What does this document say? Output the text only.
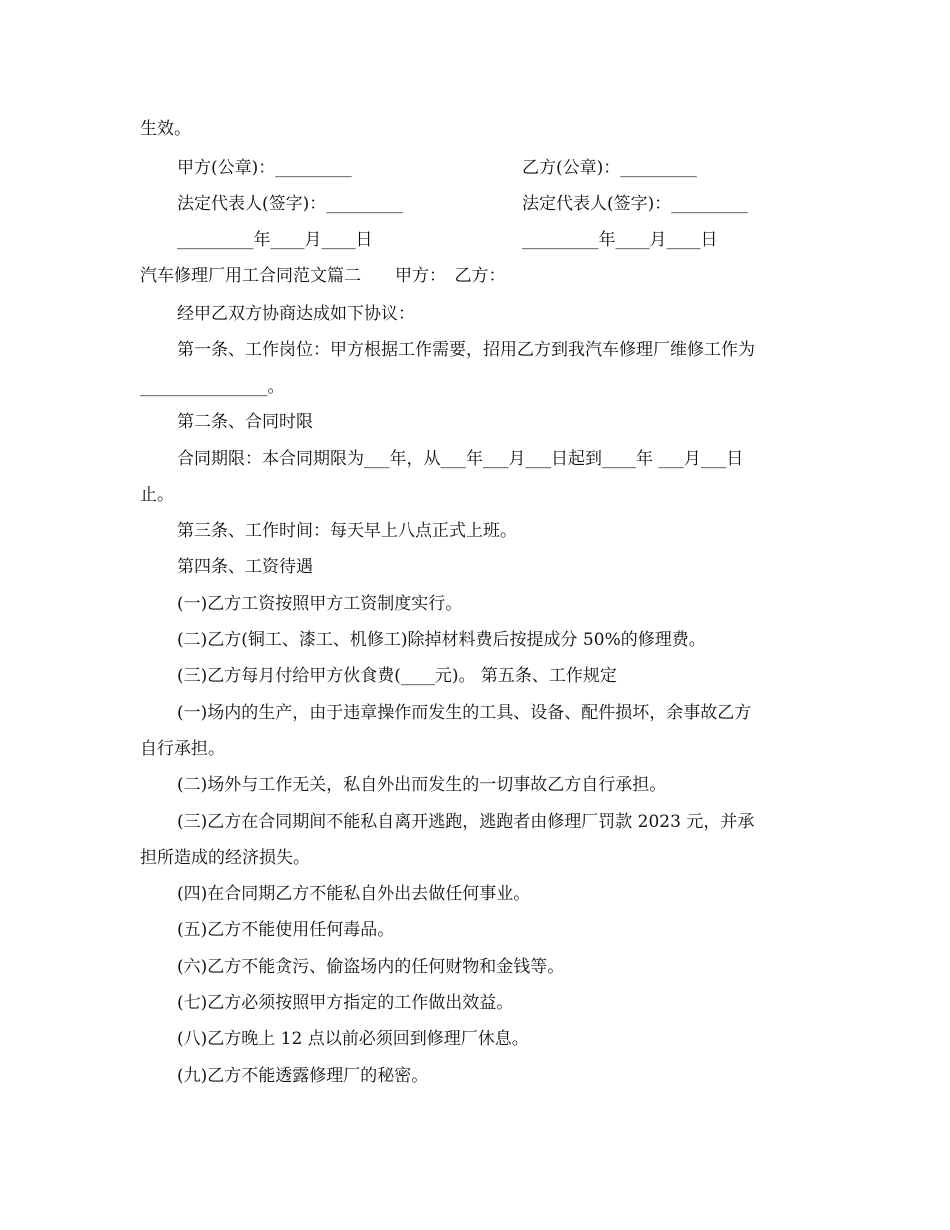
生效。
甲方(公章)：_________	乙方(公章)：_________
法定代表人(签字)：_________	法定代表人(签字)：_________
_________年____月____日	_________年____月____日
汽车修理厂用工合同范文篇二　　甲方：　乙方：
经甲乙双方协商达成如下协议：
第一条、工作岗位：甲方根据工作需要，招用乙方到我汽车修理厂维修工作为
_______________。
第二条、合同时限
合同期限：本合同期限为___年，从___年___月___日起到____年 ___月___日
止。
第三条、工作时间：每天早上八点正式上班。
第四条、工资待遇
(一)乙方工资按照甲方工资制度实行。
(二)乙方(铜工、漆工、机修工)除掉材料费后按提成分 50%的修理费。
(三)乙方每月付给甲方伙食费(____元)。 第五条、工作规定
(一)场内的生产，由于违章操作而发生的工具、设备、配件损坏，余事故乙方
自行承担。
(二)场外与工作无关，私自外出而发生的一切事故乙方自行承担。
(三)乙方在合同期间不能私自离开逃跑，逃跑者由修理厂罚款 2023 元，并承
担所造成的经济损失。
(四)在合同期乙方不能私自外出去做任何事业。
(五)乙方不能使用任何毒品。
(六)乙方不能贪污、偷盗场内的任何财物和金钱等。
(七)乙方必须按照甲方指定的工作做出效益。
(八)乙方晚上 12 点以前必须回到修理厂休息。
(九)乙方不能透露修理厂的秘密。
